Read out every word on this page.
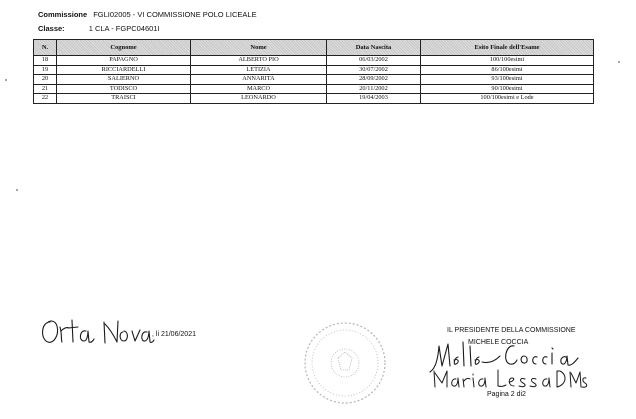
Commissione FGLI02005 - VI COMMISSIONE POLO LICEALE
Classe:	1 CLA - FGPC04601I
N.	Cognome	Nome	Data Nascita	Esito Finale dell'Esame
18	PAPAGNO	ALBERTO PIO	06/03/2002	100/100esimi
19	RICCIARDELLI	LETIZIA	30/07/2002	86/100esimi
20	SALIERNO	ANNARITA	28/09/2002	93/100esimi
21	TODISCO	MARCO	20/11/2002	90/100esimi
22	TRAISCI	LEONARDO	19/04/2003	100/100esimi e Lode
, li 21/06/2021
IL PRESIDENTE DELLA COMMISSIONE
MICHELE COCCIA
Pagina 2 di2
